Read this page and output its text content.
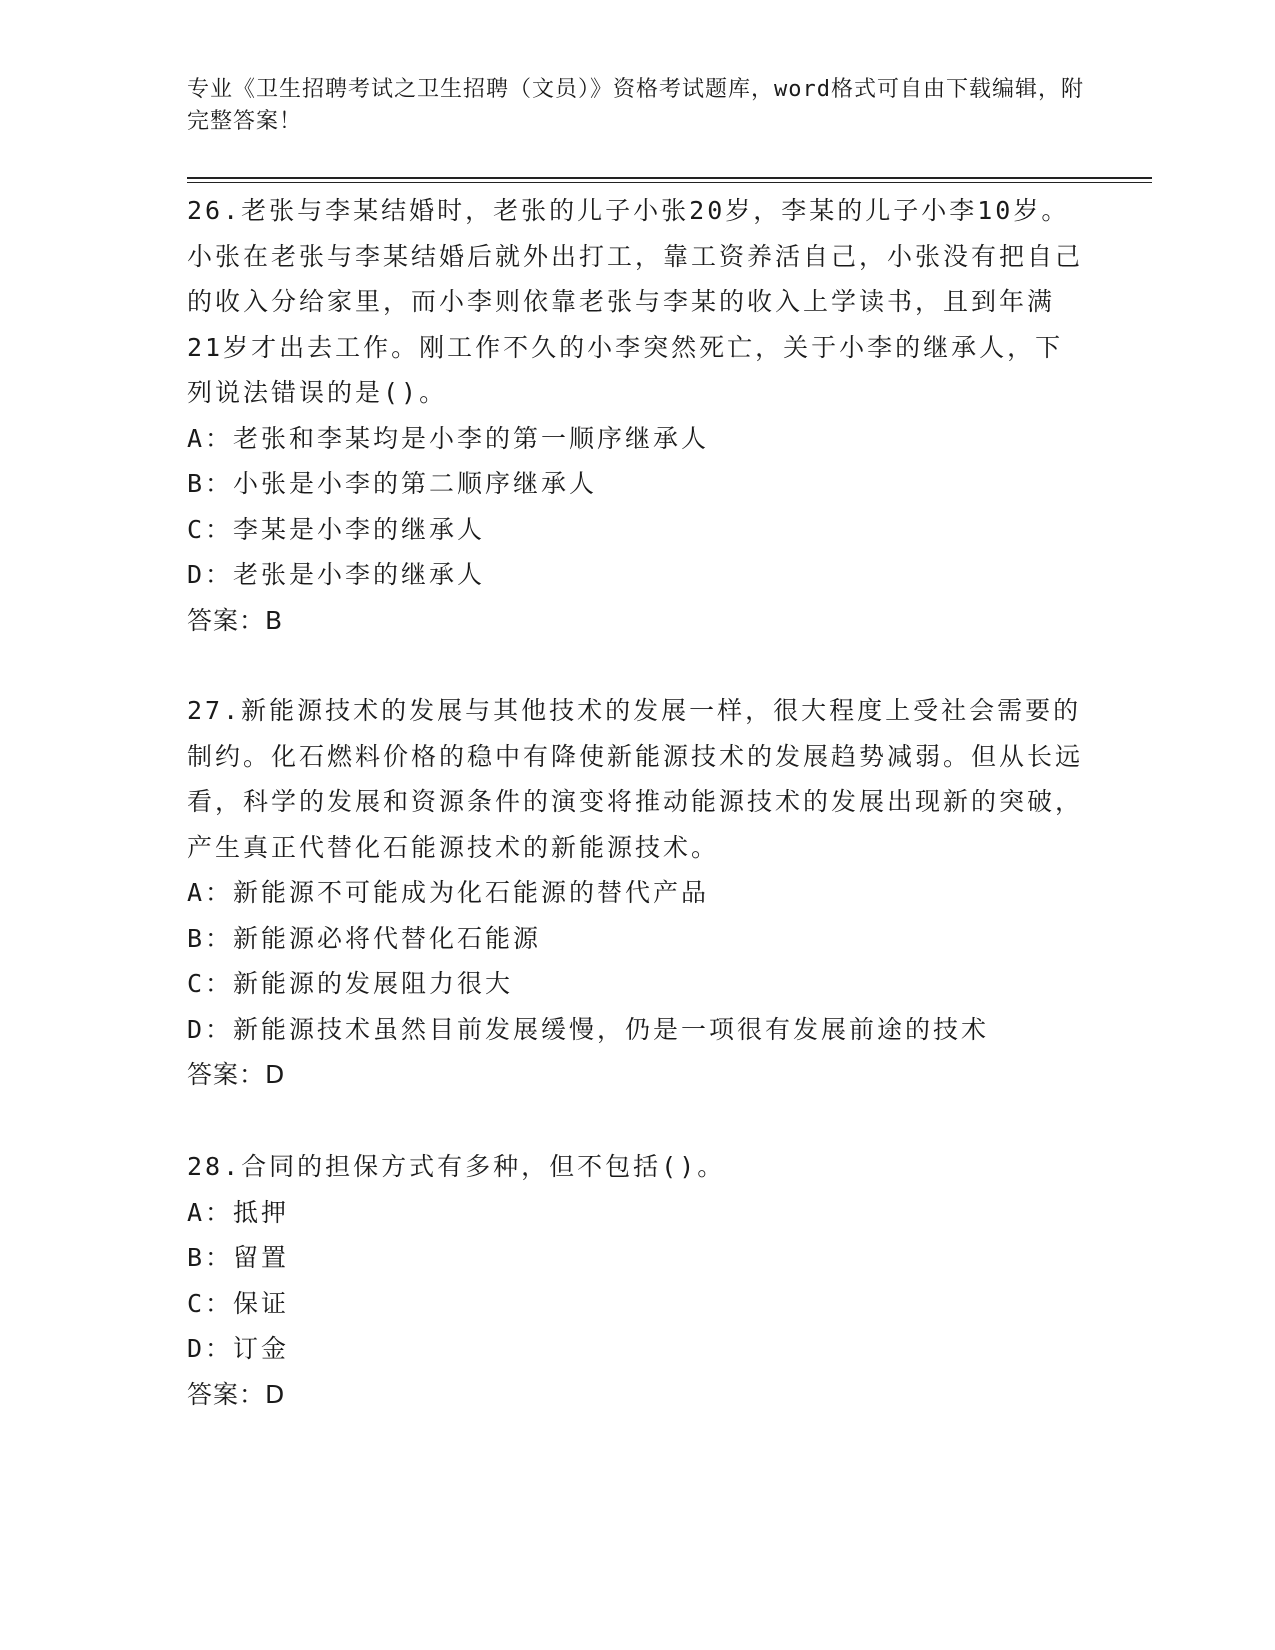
专业《卫生招聘考试之卫生招聘（文员）》资格考试题库，word格式可自由下载编辑，附完整答案！
26.老张与李某结婚时，老张的儿子小张20岁，李某的儿子小李10岁。小张在老张与李某结婚后就外出打工，靠工资养活自己，小张没有把自己的收入分给家里，而小李则依靠老张与李某的收入上学读书，且到年满21岁才出去工作。刚工作不久的小李突然死亡，关于小李的继承人，下列说法错误的是()。
A：老张和李某均是小李的第一顺序继承人
B：小张是小李的第二顺序继承人
C：李某是小李的继承人
D：老张是小李的继承人
答案：B
27.新能源技术的发展与其他技术的发展一样，很大程度上受社会需要的制约。化石燃料价格的稳中有降使新能源技术的发展趋势减弱。但从长远看，科学的发展和资源条件的演变将推动能源技术的发展出现新的突破，产生真正代替化石能源技术的新能源技术。
A：新能源不可能成为化石能源的替代产品
B：新能源必将代替化石能源
C：新能源的发展阻力很大
D：新能源技术虽然目前发展缓慢，仍是一项很有发展前途的技术
答案：D
28.合同的担保方式有多种，但不包括()。
A：抵押
B：留置
C：保证
D：订金
答案：D
